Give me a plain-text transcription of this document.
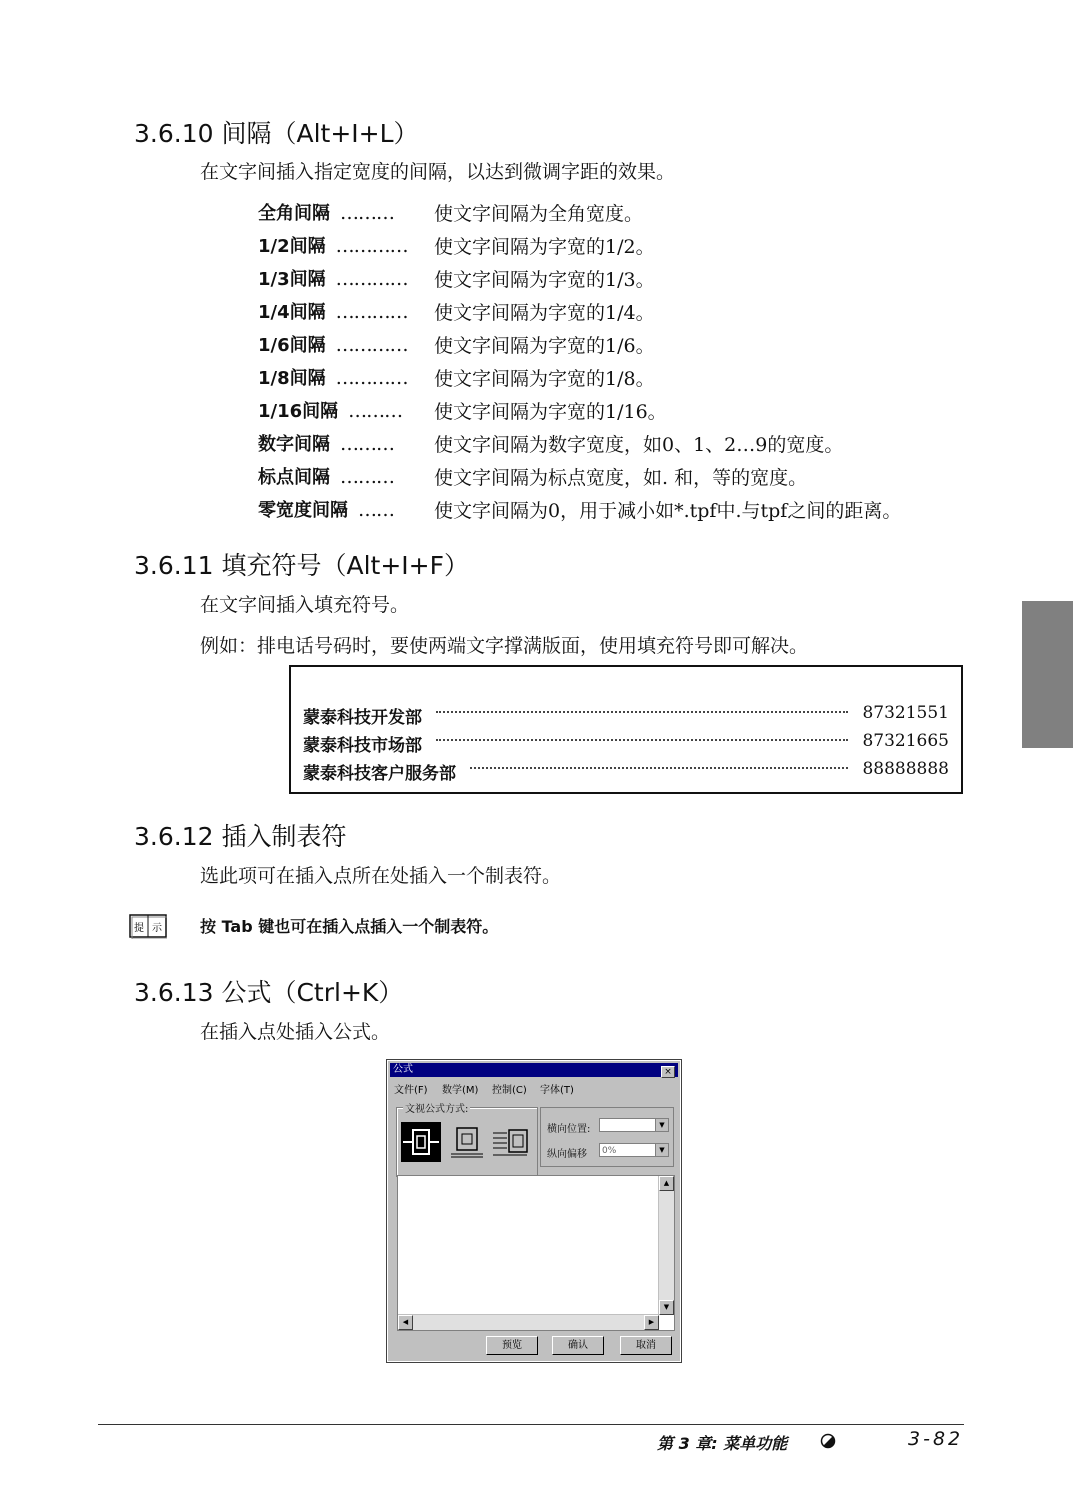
3.6.10 间隔（Alt+I+L）
在文字间插入指定宽度的间隔，以达到微调字距的效果。
全角间隔 ……… 使文字间隔为全角宽度。
1/2间隔 ………… 使文字间隔为字宽的1/2。
1/3间隔 ………… 使文字间隔为字宽的1/3。
1/4间隔 ………… 使文字间隔为字宽的1/4。
1/6间隔 ………… 使文字间隔为字宽的1/6。
1/8间隔 ………… 使文字间隔为字宽的1/8。
1/16间隔 ……… 使文字间隔为字宽的1/16。
数字间隔 ……… 使文字间隔为数字宽度，如0、1、2…9的宽度。
标点间隔 ……… 使文字间隔为标点宽度，如. 和，等的宽度。
零宽度间隔 …… 使文字间隔为0，用于减小如*.tpf中.与tpf之间的距离。
3.6.11 填充符号（Alt+I+F）
在文字间插入填充符号。
例如：排电话号码时，要使两端文字撑满版面，使用填充符号即可解决。
蒙泰科技开发部	87321551
蒙泰科技市场部	87321665
蒙泰科技客户服务部	88888888
3.6.12 插入制表符
选此项可在插入点所在处插入一个制表符。
提 示 按 Tab 键也可在插入点插入一个制表符。
3.6.13 公式（Ctrl+K）
在插入点处插入公式。
公式	×
文件(F) 数学(M) 控制(C) 字体(T)
文视公式方式:
横向位置:	▼
纵向偏移	0%	▼
▲
▼
◀	▶
预览	确认	取消
第 3 章: 菜单功能	3-82
